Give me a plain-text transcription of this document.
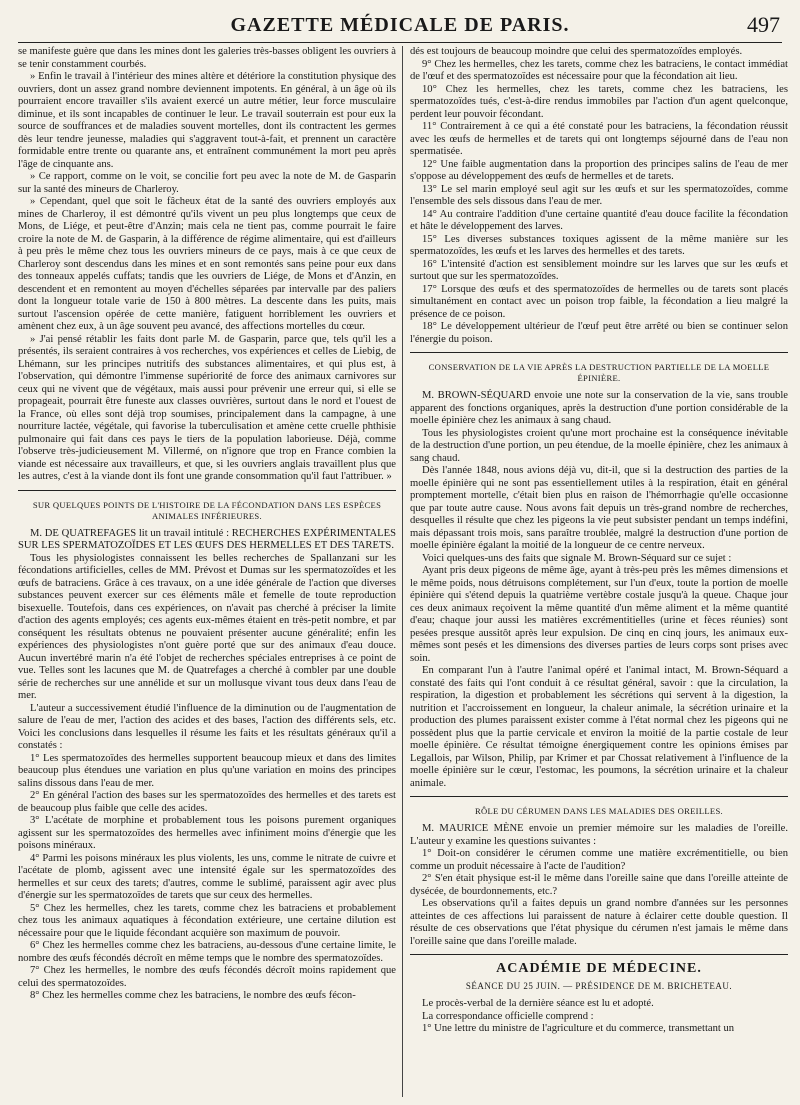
GAZETTE MÉDICALE DE PARIS.	497

se manifeste guère que dans les mines dont les galeries très-basses obligent les ouvriers à se tenir constamment courbés.

» Enfin le travail à l'intérieur des mines altère et détériore la constitution physique des ouvriers, dont un assez grand nombre deviennent impotents. En général, à un âge où ils pourraient encore travailler s'ils avaient exercé un autre métier, leur force musculaire diminue, et ils sont incapables de continuer le leur. Le travail souterrain est pour eux la source de souffrances et de maladies souvent mortelles, dont ils contractent les germes dès leur tendre jeunesse, maladies qui s'aggravent tout-à-fait, et prennent un caractère formidable entre trente ou quarante ans, et entraînent communément la mort peu après l'âge de cinquante ans.

» Ce rapport, comme on le voit, se concilie fort peu avec la note de M. de Gasparin sur la santé des mineurs de Charleroy.

» Cependant, quel que soit le fâcheux état de la santé des ouvriers employés aux mines de Charleroy, il est démontré qu'ils vivent un peu plus longtemps que ceux de Mons, de Liége, et peut-être d'Anzin; mais cela ne tient pas, comme pourrait le faire croire la note de M. de Gasparin, à la différence de régime alimentaire, qui est d'ailleurs à peu près le même chez tous les ouvriers mineurs de ce pays, mais à ce que ceux de Charleroy sont descendus dans les mines et en sont remontés sans peine pour eux dans des tonneaux appelés cuffats; tandis que les ouvriers de Liége, de Mons et d'Anzin, en descendent et en remontent au moyen d'échelles séparées par intervalle par des paliers dont la longueur totale varie de 150 à 800 mètres. La descente dans les puits, mais surtout l'ascension opérée de cette manière, fatiguent horriblement les ouvriers et amènent chez eux, à un âge souvent peu avancé, des affections mortelles du cœur.

» J'ai pensé rétablir les faits dont parle M. de Gasparin, parce que, tels qu'il les a présentés, ils seraient contraires à vos recherches, vos expériences et celles de Liebig, de Lhémann, sur les principes nutritifs des substances alimentaires, et qui plus est, à l'observation, qui démontre l'immense supériorité de force des animaux carnivores sur ceux qui ne vivent que de végétaux, mais aussi pour prévenir une erreur qui, si elle se propageait, pourrait être funeste aux classes ouvrières, surtout dans le nord et l'ouest de la France, où elles sont déjà trop soumises, principalement dans la campagne, à une nourriture lactée, végétale, qui favorise la tuberculisation et amène cette cruelle phthisie pulmonaire qui fait dans ces pays le tiers de la population laborieuse. Déjà, comme l'observe très-judicieusement M. Villermé, on n'ignore que trop en France combien la viande est nécessaire aux travailleurs, et que, si les ouvriers anglais travaillent plus que les autres, c'est à la viande dont ils font une grande consommation qu'il faut l'attribuer. »

SUR QUELQUES POINTS DE L'HISTOIRE DE LA FÉCONDATION DANS LES ESPÈCES ANIMALES INFÉRIEURES.

M. DE QUATREFAGES lit un travail intitulé : RECHERCHES EXPÉRIMENTALES SUR LES SPERMATOZOÏDES ET LES ŒUFS DES HERMELLES ET DES TARETS.

Tous les physiologistes connaissent les belles recherches de Spallanzani sur les fécondations artificielles, celles de MM. Prévost et Dumas sur les spermatozoïdes et les œufs de batraciens. Grâce à ces travaux, on a une idée générale de l'action que diverses substances peuvent exercer sur ces éléments mâle et femelle de toute reproduction bisexuelle. Toutefois, dans ces expériences, on n'avait pas cherché à préciser la limite d'action des agents employés; ces agents eux-mêmes étaient en très-petit nombre, et par conséquent les résultats obtenus ne pouvaient présenter aucune généralité; enfin les expériences des physiologistes n'ont guère porté que sur des animaux d'eau douce. Aucun invertébré marin n'a été l'objet de recherches spéciales entreprises à ce point de vue. Telles sont les lacunes que M. de Quatrefages a cherché à combler par une double série de recherches sur une annélide et sur un mollusque vivant tous deux dans l'eau de mer.

L'auteur a successivement étudié l'influence de la diminution ou de l'augmentation de salure de l'eau de mer, l'action des acides et des bases, l'action des différents sels, etc. Voici les conclusions dans lesquelles il résume les faits et les résultats généraux qu'il a constatés :

1° Les spermatozoïdes des hermelles supportent beaucoup mieux et dans des limites beaucoup plus étendues une variation en plus qu'une variation en moins des principes salins dissous dans l'eau de mer.

2° En général l'action des bases sur les spermatozoïdes des hermelles et des tarets est de beaucoup plus faible que celle des acides.

3° L'acétate de morphine et probablement tous les poisons purement organiques agissent sur les spermatozoïdes des hermelles avec infiniment moins d'énergie que les poisons minéraux.

4° Parmi les poisons minéraux les plus violents, les uns, comme le nitrate de cuivre et l'acétate de plomb, agissent avec une intensité égale sur les spermatozoïdes des hermelles et sur ceux des tarets; d'autres, comme le sublimé, paraissent agir avec plus d'énergie sur les spermatozoïdes de tarets que sur ceux des hermelles.

5° Chez les hermelles, chez les tarets, comme chez les batraciens et probablement chez tous les animaux aquatiques à fécondation extérieure, une certaine dilution est nécessaire pour que le liquide fécondant acquière son maximum de pouvoir.

6° Chez les hermelles comme chez les batraciens, au-dessous d'une certaine limite, le nombre des œufs fécondés décroît en même temps que le nombre des spermatozoïdes.

7° Chez les hermelles, le nombre des œufs fécondés décroît moins rapidement que celui des spermatozoïdes.

8° Chez les hermelles comme chez les batraciens, le nombre des œufs fécon-

dés est toujours de beaucoup moindre que celui des spermatozoïdes employés.

9° Chez les hermelles, chez les tarets, comme chez les batraciens, le contact immédiat de l'œuf et des spermatozoïdes est nécessaire pour que la fécondation ait lieu.

10° Chez les hermelles, chez les tarets, comme chez les batraciens, les spermatozoïdes tués, c'est-à-dire rendus immobiles par l'action d'un agent quelconque, perdent leur pouvoir fécondant.

11° Contrairement à ce qui a été constaté pour les batraciens, la fécondation réussit avec les œufs de hermelles et de tarets qui ont longtemps séjourné dans de l'eau non spermatisée.

12° Une faible augmentation dans la proportion des principes salins de l'eau de mer s'oppose au développement des œufs de hermelles et de tarets.

13° Le sel marin employé seul agit sur les œufs et sur les spermatozoïdes, comme l'ensemble des sels dissous dans l'eau de mer.

14° Au contraire l'addition d'une certaine quantité d'eau douce facilite la fécondation et hâte le développement des larves.

15° Les diverses substances toxiques agissent de la même manière sur les spermatozoïdes, les œufs et les larves des hermelles et des tarets.

16° L'intensité d'action est sensiblement moindre sur les larves que sur les œufs et surtout que sur les spermatozoïdes.

17° Lorsque des œufs et des spermatozoïdes de hermelles ou de tarets sont placés simultanément en contact avec un poison trop faible, la fécondation a lieu malgré la présence de ce poison.

18° Le développement ultérieur de l'œuf peut être arrêté ou bien se continuer selon l'énergie du poison.

CONSERVATION DE LA VIE APRÈS LA DESTRUCTION PARTIELLE DE LA MOELLE ÉPINIÈRE.

M. BROWN-SÉQUARD envoie une note sur la conservation de la vie, sans trouble apparent des fonctions organiques, après la destruction d'une portion considérable de la moelle épinière chez les animaux à sang chaud.

Tous les physiologistes croient qu'une mort prochaine est la conséquence inévitable de la destruction d'une portion, un peu étendue, de la moelle épinière, chez les animaux à sang chaud.

Dès l'année 1848, nous avions déjà vu, dit-il, que si la destruction des parties de la moelle épinière qui ne sont pas essentiellement utiles à la respiration, était en général promptement mortelle, c'était bien plus en raison de l'hémorrhagie qu'elle occasionne que par toute autre cause. Nous avons fait depuis un très-grand nombre de recherches, desquelles il résulte que chez les pigeons la vie peut subsister pendant un temps indéfini, mais dépassant trois mois, sans paraître troublée, malgré la destruction d'une portion de moelle épinière égalant la moitié de la longueur de ce centre nerveux.

Voici quelques-uns des faits que signale M. Brown-Séquard sur ce sujet :

Ayant pris deux pigeons de même âge, ayant à très-peu près les mêmes dimensions et le même poids, nous détruisons complétement, sur l'un d'eux, toute la portion de moelle épinière qui s'étend depuis la quatrième vertèbre costale jusqu'à la queue. Chaque jour ces deux animaux reçoivent la même quantité d'un même aliment et la même quantité d'eau; chaque jour aussi les matières excrémentitielles (urine et fèces réunies) sont pesées presque aussitôt après leur expulsion. De cinq en cinq jours, les animaux eux-mêmes sont pesés et les dimensions des diverses parties de leurs corps sont prises avec soin.

En comparant l'un à l'autre l'animal opéré et l'animal intact, M. Brown-Séquard a constaté des faits qui l'ont conduit à ce résultat général, savoir : que la circulation, la respiration, la digestion et probablement les sécrétions qui servent à la digestion, la nutrition et l'accroissement en longueur, la chaleur animale, la sécrétion urinaire et la production des plumes paraissent exister comme à l'état normal chez les pigeons qui ne possèdent plus que la partie cervicale et environ la moitié de la partie costale de leur moelle épinière. Ce résultat témoigne énergiquement contre les opinions émises par Legallois, par Wilson, Philip, par Krimer et par Chossat relativement à l'influence de la moelle épinière sur le cœur, l'estomac, les poumons, la sécrétion urinaire et la chaleur animale.

RÔLE DU CÉRUMEN DANS LES MALADIES DES OREILLES.

M. MAURICE MÈNE envoie un premier mémoire sur les maladies de l'oreille. L'auteur y examine les questions suivantes :

1° Doit-on considérer le cérumen comme une matière excrémentitielle, ou bien comme un produit nécessaire à l'acte de l'audition?

2° S'en était physique est-il le même dans l'oreille saine que dans l'oreille atteinte de dysécée, de bourdonnements, etc.?

Les observations qu'il a faites depuis un grand nombre d'années sur les personnes atteintes de ces affections lui paraissent de nature à éclairer cette double question. Il résulte de ces observations que l'état physique du cérumen n'est jamais le même dans l'oreille saine que dans l'oreille malade.

ACADÉMIE DE MÉDECINE.
SÉANCE DU 25 JUIN. — PRÉSIDENCE DE M. BRICHETEAU.

Le procès-verbal de la dernière séance est lu et adopté.

La correspondance officielle comprend :

1° Une lettre du ministre de l'agriculture et du commerce, transmettant un
